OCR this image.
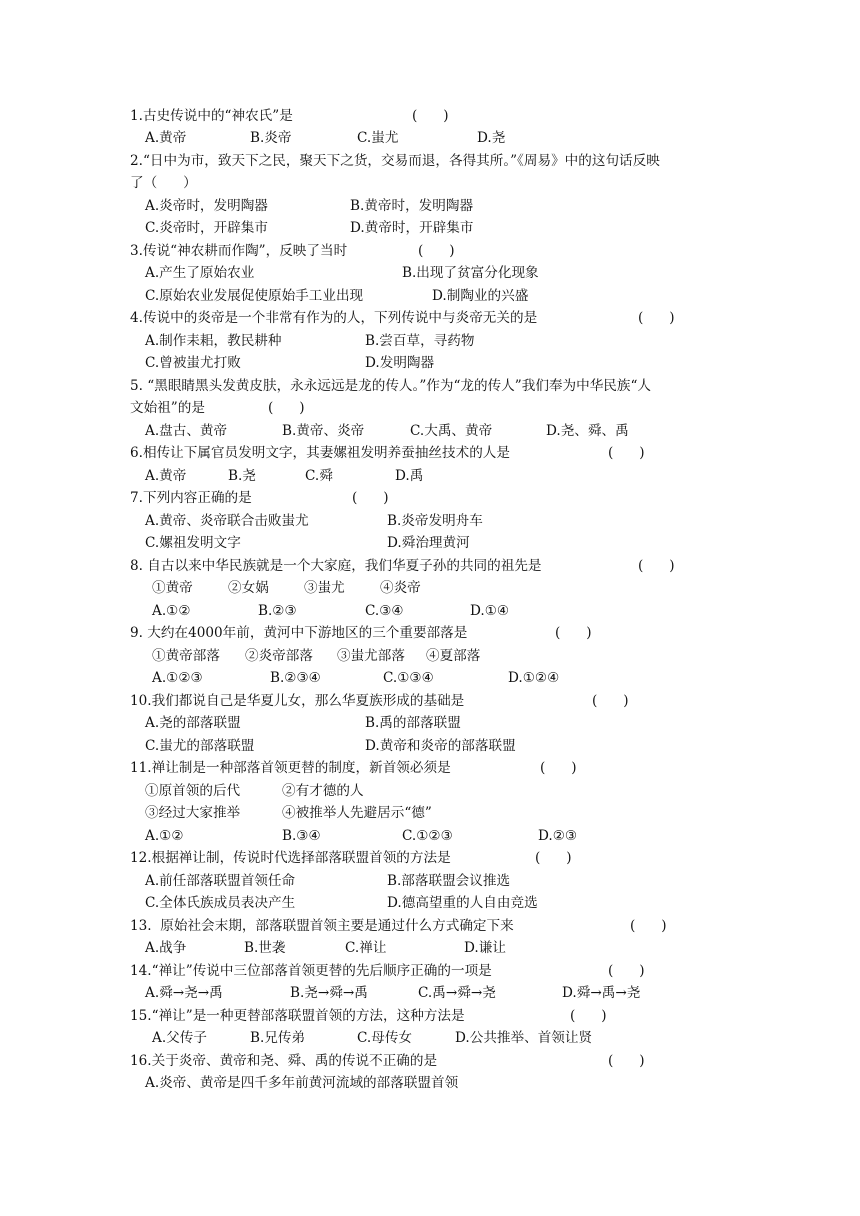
1.古史传说中的“神农氏”是	(      )
A.黄帝	B.炎帝	C.蚩尤	D.尧
2.“日中为市，致天下之民，聚天下之货，交易而退，各得其所。”《周易》中的这句话反映
了（      ）
A.炎帝时，发明陶器	B.黄帝时，发明陶器
C.炎帝时，开辟集市	D.黄帝时，开辟集市
3.传说“神农耕而作陶”，反映了当时	(      )
A.产生了原始农业	B.出现了贫富分化现象
C.原始农业发展促使原始手工业出现	D.制陶业的兴盛
4.传说中的炎帝是一个非常有作为的人，下列传说中与炎帝无关的是	(      )
A.制作耒耜，教民耕种	B.尝百草，寻药物
C.曾被蚩尤打败	D.发明陶器
5. “黑眼睛黑头发黄皮肤，永永远远是龙的传人。”作为“龙的传人”我们奉为中华民族“人
文始祖”的是	(      )
A.盘古、黄帝	B.黄帝、炎帝	C.大禹、黄帝	D.尧、舜、禹
6.相传让下属官员发明文字，其妻嫘祖发明养蚕抽丝技术的人是	(      )
A.黄帝	B.尧	C.舜	D.禹
7.下列内容正确的是	(      )
A.黄帝、炎帝联合击败蚩尤	B.炎帝发明舟车
C.嫘祖发明文字	D.舜治理黄河
8. 自古以来中华民族就是一个大家庭，我们华夏子孙的共同的祖先是	(      )
①黄帝	②女娲	③蚩尤	④炎帝
A.①②	B.②③	C.③④	D.①④
9. 大约在4000年前，黄河中下游地区的三个重要部落是	(      )
①黄帝部落 ②炎帝部落 ③蚩尤部落 ④夏部落
A.①②③	B.②③④	C.①③④	D.①②④
10.我们都说自己是华夏儿女，那么华夏族形成的基础是	(      )
A.尧的部落联盟	B.禹的部落联盟
C.蚩尤的部落联盟	D.黄帝和炎帝的部落联盟
11.禅让制是一种部落首领更替的制度，新首领必须是	(      )
①原首领的后代	②有才德的人
③经过大家推举	④被推举人先避居示“德”
A.①②	B.③④	C.①②③	D.②③
12.根据禅让制，传说时代选择部落联盟首领的方法是	(      )
A.前任部落联盟首领任命	B.部落联盟会议推选
C.全体氏族成员表决产生	D.德高望重的人自由竞选
13.  原始社会末期，部落联盟首领主要是通过什么方式确定下来	(      )
A.战争	B.世袭	C.禅让	D.谦让
14.“禅让”传说中三位部落首领更替的先后顺序正确的一项是	(      )
A.舜→尧→禹	B.尧→舜→禹	C.禹→舜→尧	D.舜→禹→尧
15.“禅让”是一种更替部落联盟首领的方法，这种方法是	(      )
A.父传子	B.兄传弟	C.母传女	D.公共推举、首领让贤
16.关于炎帝、黄帝和尧、舜、禹的传说不正确的是	(      )
A.炎帝、黄帝是四千多年前黄河流域的部落联盟首领
